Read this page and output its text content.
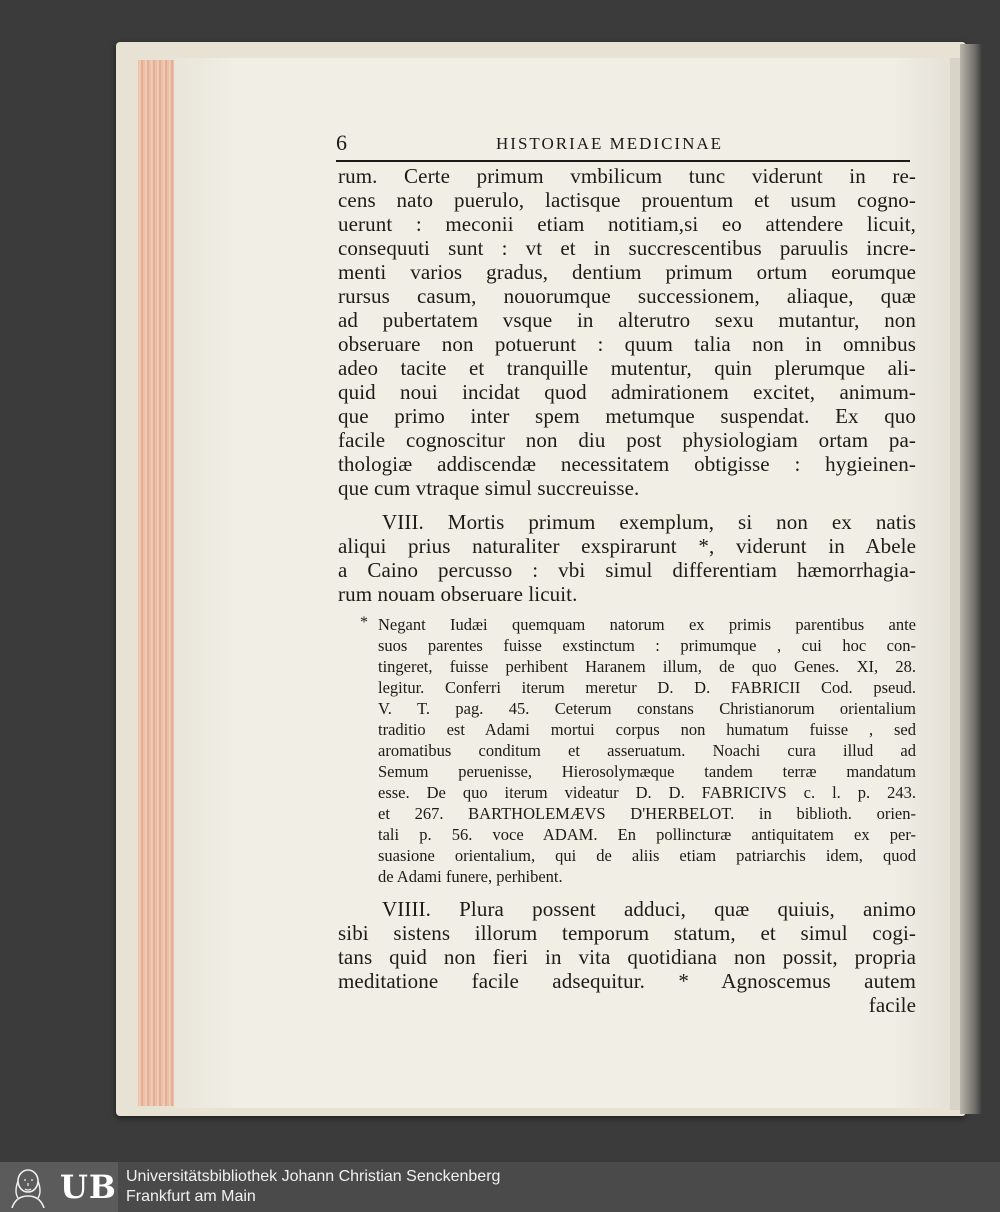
6	HISTORIAE MEDICINAE
rum. Certe primum vmbilicum tunc viderunt in re-
cens nato puerulo, lactisque prouentum et usum cogno-
uerunt : meconii etiam notitiam,si eo attendere licuit,
consequuti sunt : vt et in succrescentibus paruulis incre-
menti varios gradus, dentium primum ortum eorumque
rursus casum, nouorumque successionem, aliaque, quæ
ad pubertatem vsque in alterutro sexu mutantur, non
obseruare non potuerunt : quum talia non in omnibus
adeo tacite et tranquille mutentur, quin plerumque ali-
quid noui incidat quod admirationem excitet, animum-
que primo inter spem metumque suspendat. Ex quo
facile cognoscitur non diu post physiologiam ortam pa-
thologiæ addiscendæ necessitatem obtigisse : hygieinen-
que cum vtraque simul succreuisse.
VIII. Mortis primum exemplum, si non ex natis
aliqui prius naturaliter exspirarunt *, viderunt in Abele
a Caino percusso : vbi simul differentiam hæmorrhagia-
rum nouam obseruare licuit.
* Negant Iudæi quemquam natorum ex primis parentibus ante
suos parentes fuisse exstinctum : primumque , cui hoc con-
tingeret, fuisse perhibent Haranem illum, de quo Genes. XI, 28.
legitur. Conferri iterum meretur D. D. FABRICII Cod. pseud.
V. T. pag. 45. Ceterum constans Christianorum orientalium
traditio est Adami mortui corpus non humatum fuisse , sed
aromatibus conditum et asseruatum. Noachi cura illud ad
Semum peruenisse, Hierosolymæque tandem terræ mandatum
esse. De quo iterum videatur D. D. FABRICIVS c. l. p. 243.
et 267. BARTHOLEMÆVS D'HERBELOT. in biblioth. orien-
tali p. 56. voce ADAM. En pollincturæ antiquitatem ex per-
suasione orientalium, qui de aliis etiam patriarchis idem, quod
de Adami funere, perhibent.
VIIII. Plura possent adduci, quæ quiuis, animo
sibi sistens illorum temporum statum, et simul cogi-
tans quid non fieri in vita quotidiana non possit, propria
meditatione facile adsequitur. * Agnoscemus autem
facile
UB Universitätsbibliothek Johann Christian Senckenberg
Frankfurt am Main
